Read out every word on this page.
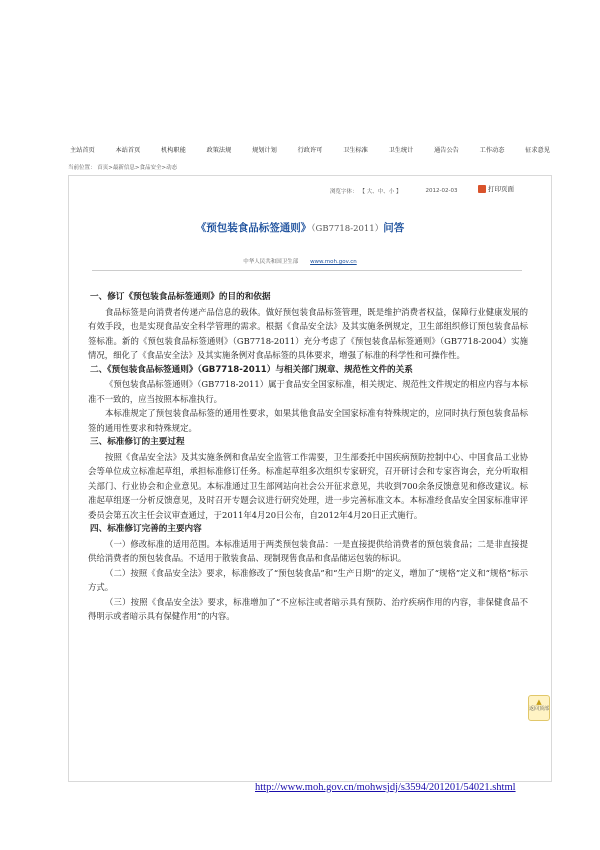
主站首页	本站首页	机构职能	政策法规	规划计划	行政许可	卫生标准	卫生统计	通告公告	工作动态	征求意见
当前位置： 首页>最新信息>食品安全>动态
浏览字体： 【 大、中、小 】	2012-02-03	打印页面
《预包装食品标签通则》（GB7718-2011）问答
中华人民共和国卫生部 www.moh.gov.cn
一、修订《预包装食品标签通则》的目的和依据

食品标签是向消费者传递产品信息的载体。做好预包装食品标签管理，既是维护消费者权益，保障行业健康发展的有效手段，也是实现食品安全科学管理的需求。根据《食品安全法》及其实施条例规定，卫生部组织修订预包装食品标签标准。新的《预包装食品标签通则》（GB7718-2011）充分考虑了《预包装食品标签通则》（GB7718-2004）实施情况，细化了《食品安全法》及其实施条例对食品标签的具体要求，增强了标准的科学性和可操作性。

二、《预包装食品标签通则》（GB7718-2011）与相关部门规章、规范性文件的关系

《预包装食品标签通则》（GB7718-2011）属于食品安全国家标准，相关规定、规范性文件规定的相应内容与本标准不一致的，应当按照本标准执行。

本标准规定了预包装食品标签的通用性要求，如果其他食品安全国家标准有特殊规定的，应同时执行预包装食品标签的通用性要求和特殊规定。

三、标准修订的主要过程

按照《食品安全法》及其实施条例和食品安全监管工作需要，卫生部委托中国疾病预防控制中心、中国食品工业协会等单位成立标准起草组，承担标准修订任务。标准起草组多次组织专家研究，召开研讨会和专家咨询会，充分听取相关部门、行业协会和企业意见。本标准通过卫生部网站向社会公开征求意见，共收到700余条反馈意见和修改建议。标准起草组逐一分析反馈意见，及时召开专题会议进行研究处理，进一步完善标准文本。本标准经食品安全国家标准审评委员会第五次主任会议审查通过，于2011年4月20日公布，自2012年4月20日正式施行。

四、标准修订完善的主要内容

（一）修改标准的适用范围。本标准适用于两类预包装食品：一是直接提供给消费者的预包装食品；二是非直接提供给消费者的预包装食品。不适用于散装食品、现制现售食品和食品储运包装的标识。

（二）按照《食品安全法》要求，标准修改了“预包装食品”和“生产日期”的定义，增加了“规格”定义和“规格”标示方式。

（三）按照《食品安全法》要求，标准增加了“不应标注或者暗示具有预防、治疗疾病作用的内容，非保健食品不得明示或者暗示具有保健作用”的内容。

▲
返回顶部
http://www.moh.gov.cn/mohwsjdj/s3594/201201/54021.shtml
